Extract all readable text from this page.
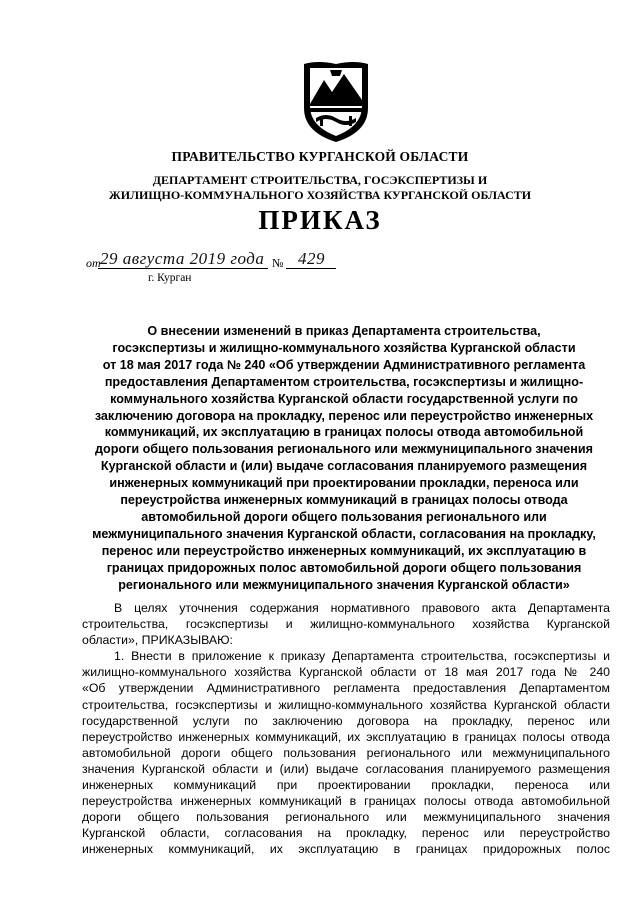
ПРАВИТЕЛЬСТВО КУРГАНСКОЙ ОБЛАСТИ
ДЕПАРТАМЕНТ СТРОИТЕЛЬСТВА, ГОСЭКСПЕРТИЗЫ И
ЖИЛИЩНО-КОММУНАЛЬНОГО ХОЗЯЙСТВА КУРГАНСКОЙ ОБЛАСТИ
ПРИКАЗ
от 29 августа 2019 года № 429
г. Курган
О внесении изменений в приказ Департамента строительства,
госэкспертизы и жилищно-коммунального хозяйства Курганской области
от 18 мая 2017 года № 240 «Об утверждении Административного регламента
предоставления Департаментом строительства, госэкспертизы и жилищно-
коммунального хозяйства Курганской области государственной услуги по
заключению договора на прокладку, перенос или переустройство инженерных
коммуникаций, их эксплуатацию в границах полосы отвода автомобильной
дороги общего пользования регионального или межмуниципального значения
Курганской области и (или) выдаче согласования планируемого размещения
инженерных коммуникаций при проектировании прокладки, переноса или
переустройства инженерных коммуникаций в границах полосы отвода
автомобильной дороги общего пользования регионального или
межмуниципального значения Курганской области, согласования на прокладку,
перенос или переустройство инженерных коммуникаций, их эксплуатацию в
границах придорожных полос автомобильной дороги общего пользования
регионального или межмуниципального значения Курганской области»
В целях уточнения содержания нормативного правового акта Департамента
строительства, госэкспертизы и жилищно-коммунального хозяйства Курганской
области», ПРИКАЗЫВАЮ:
1. Внести в приложение к приказу Департамента строительства, госэкспертизы и
жилищно-коммунального хозяйства Курганской области от 18 мая 2017 года № 240
«Об утверждении Административного регламента предоставления Департаментом
строительства, госэкспертизы и жилищно-коммунального хозяйства Курганской области
государственной услуги по заключению договора на прокладку, перенос или
переустройство инженерных коммуникаций, их эксплуатацию в границах полосы отвода
автомобильной дороги общего пользования регионального или межмуниципального
значения Курганской области и (или) выдаче согласования планируемого размещения
инженерных коммуникаций при проектировании прокладки, переноса или
переустройства инженерных коммуникаций в границах полосы отвода автомобильной
дороги общего пользования регионального или межмуниципального значения
Курганской области, согласования на прокладку, перенос или переустройство
инженерных коммуникаций, их эксплуатацию в границах придорожных полос
